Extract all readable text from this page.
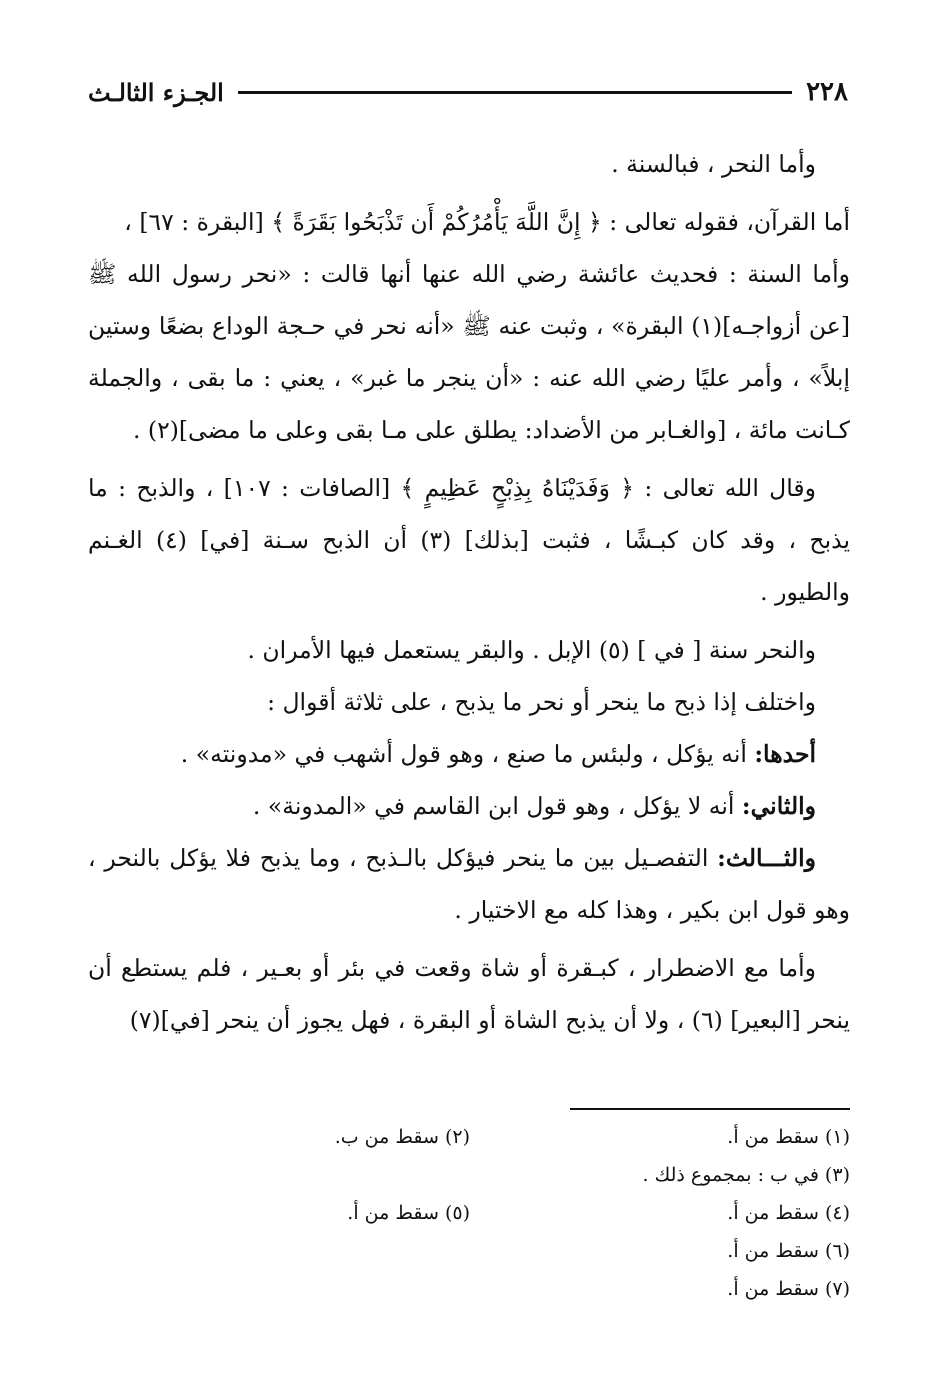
٢٢٨
الجـزء الثالـث

وأما النحر ، فبالسنة .

أما القرآن، فقوله تعالى : ﴿ إِنَّ اللَّهَ يَأْمُرُكُمْ أَن تَذْبَحُوا بَقَرَةً ﴾ [البقرة : ٦٧] ،

وأما السنة : فحديث عائشة رضي الله عنها أنها قالت : «نحر رسول الله ﷺ [عن أزواجـه](١) البقرة» ، وثبت عنه ﷺ «أنه نحر في حـجة الوداع بضعًا وستين إبلاً» ، وأمر عليًا رضي الله عنه : «أن ينجر ما غبر» ، يعني : ما بقى ، والجملة كـانت مائة ، [والغـابر من الأضداد: يطلق على مـا بقى وعلى ما مضى](٢) .

وقال الله تعالى : ﴿ وَفَدَيْنَاهُ بِذِبْحٍ عَظِيمٍ ﴾ [الصافات : ١٠٧] ، والذبح : ما يذبح ، وقد كان كبـشًا ، فثبت [بذلك] (٣) أن الذبح سـنة [في] (٤) الغـنم والطيور .

والنحر سنة [ في ] (٥) الإبل . والبقر يستعمل فيها الأمران .

واختلف إذا ذبح ما ينحر أو نحر ما يذبح ، على ثلاثة أقوال :

أحدها: أنه يؤكل ، ولبئس ما صنع ، وهو قول أشهب في «مدونته» .

والثاني: أنه لا يؤكل ، وهو قول ابن القاسم في «المدونة» .

والثـــالث: التفصـيل بين ما ينحر فيؤكل بالـذبح ، وما يذبح فلا يؤكل بالنحر ، وهو قول ابن بكير ، وهذا كله مع الاختيار .

وأما مع الاضطرار ، كبـقرة أو شاة وقعت في بئر أو بعـير ، فلم يستطع أن ينحر [البعير] (٦) ، ولا أن يذبح الشاة أو البقرة ، فهل يجوز أن ينحر [في](٧)

(١) سقط من أ.
(٢) سقط من ب.
(٣) في ب : بمجموع ذلك .
(٤) سقط من أ.
(٥) سقط من أ.
(٦) سقط من أ.
(٧) سقط من أ.
